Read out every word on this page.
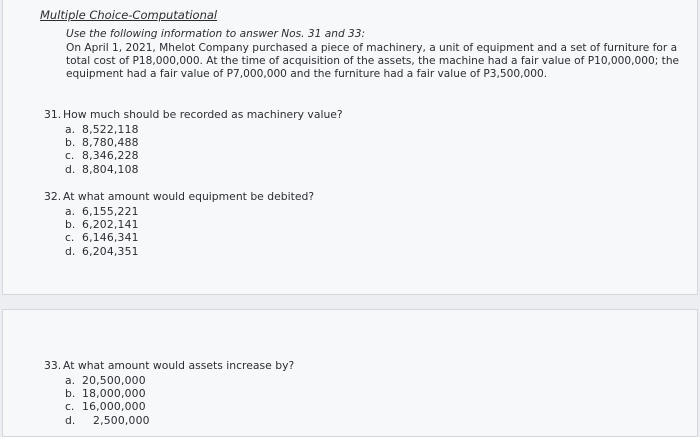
Multiple Choice-Computational
Use the following information to answer Nos. 31 and 33:
On April 1, 2021, Mhelot Company purchased a piece of machinery, a unit of equipment and a set of furniture for a total cost of P18,000,000. At the time of acquisition of the assets, the machine had a fair value of P10,000,000; the equipment had a fair value of P7,000,000 and the furniture had a fair value of P3,500,000.
31. How much should be recorded as machinery value?
a. 8,522,118
b. 8,780,488
c. 8,346,228
d. 8,804,108
32. At what amount would equipment be debited?
a. 6,155,221
b. 6,202,141
c. 6,146,341
d. 6,204,351
33. At what amount would assets increase by?
a. 20,500,000
b. 18,000,000
c. 16,000,000
d. 2,500,000
